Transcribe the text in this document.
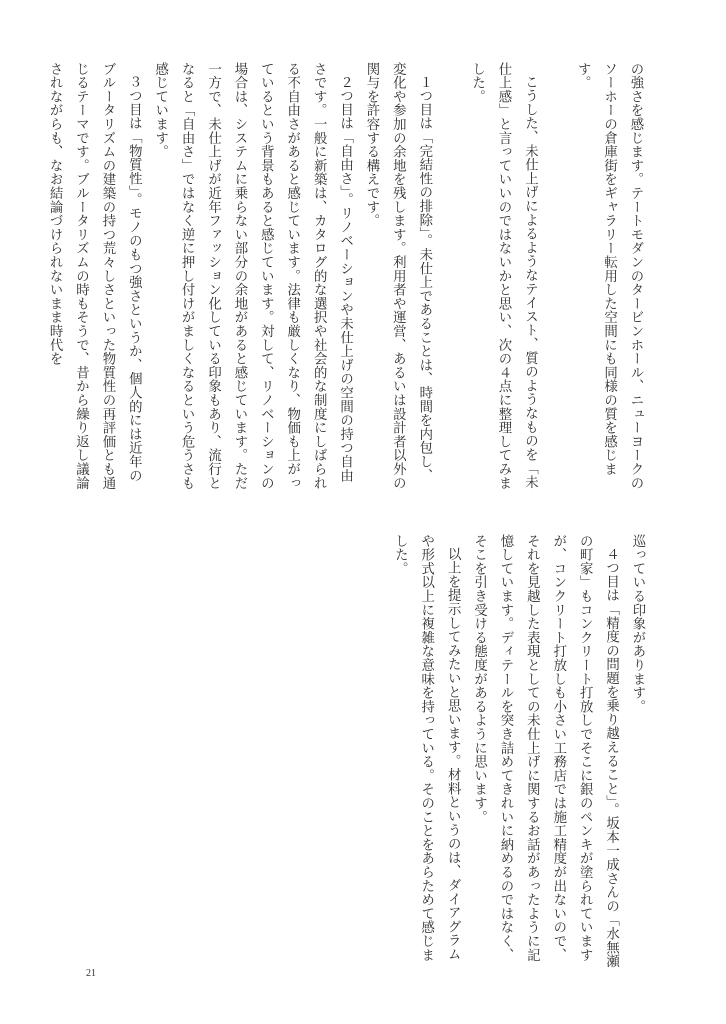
の強さを感じます。テートモダンのタービンホール、ニューヨークのソーホーの倉庫街をギャラリー転用した空間にも同様の質を感じます。
こうした、未仕上げによるようなテイスト、質のようなものを「未仕上感」と言っていいのではないかと思い、次の４点に整理してみました。
１つ目は「完結性の排除」。未仕上であることは、時間を内包し、変化や参加の余地を残します。利用者や運営、あるいは設計者以外の関与を許容する構えです。
２つ目は「自由さ」。リノベーションや未仕上げの空間の持つ自由さです。一般に新築は、カタログ的な選択や社会的な制度にしばられる不自由さがあると感じています。法律も厳しくなり、物価も上がっているという背景もあると感じています。対して、リノベーションの場合は、システムに乗らない部分の余地があると感じています。ただ一方で、未仕上げが近年ファッション化している印象もあり、流行となると「自由さ」ではなく逆に押し付けがましくなるという危うさも感じています。
３つ目は「物質性」。モノのもつ強さというか、個人的には近年のブルータリズムの建築の持つ荒々しさといった物質性の再評価とも通じるテーマです。ブルータリズムの時もそうで、昔から繰り返し議論されながらも、なお結論づけられないまま時代を
巡っている印象があります。
４つ目は「精度の問題を乗り越えること」。坂本一成さんの「水無瀬の町家」もコンクリート打放しでそこに銀のペンキが塗られていますが、コンクリート打放しも小さい工務店では施工精度が出ないので、それを見越した表現としての未仕上げに関するお話があったように記憶しています。ディテールを突き詰めてきれいに納めるのではなく、そこを引き受ける態度があるように思います。
以上を提示してみたいと思います。材料というのは、ダイアグラムや形式以上に複雑な意味を持っている。そのことをあらためて感じました。
21
